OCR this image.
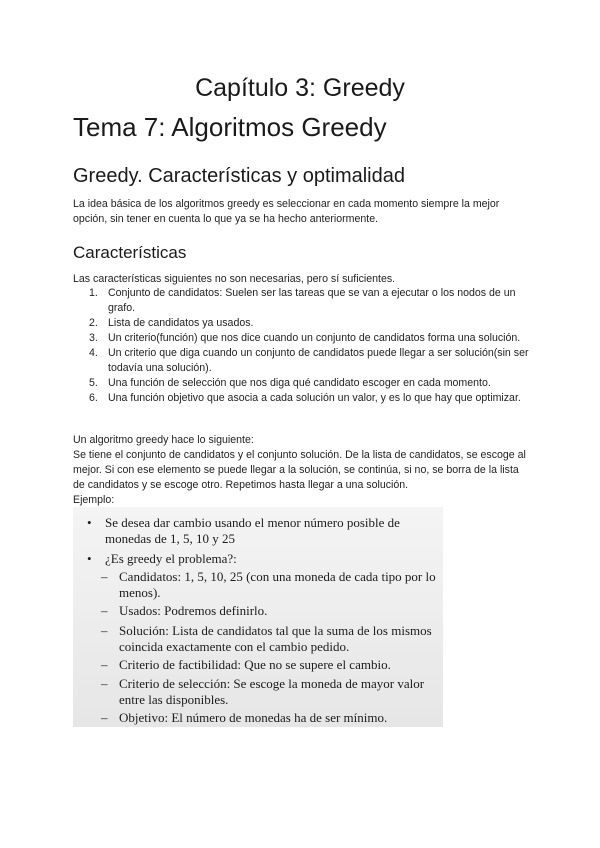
Capítulo 3: Greedy
Tema 7: Algoritmos Greedy
Greedy. Características y optimalidad
La idea básica de los algoritmos greedy es seleccionar en cada momento siempre la mejor opción, sin tener en cuenta lo que ya se ha hecho anteriormente.
Características
Las características siguientes no son necesarias, pero sí suficientes.
1. Conjunto de candidatos: Suelen ser las tareas que se van a ejecutar o los nodos de un grafo.
2. Lista de candidatos ya usados.
3. Un criterio(función) que nos dice cuando un conjunto de candidatos forma una solución.
4. Un criterio que diga cuando un conjunto de candidatos puede llegar a ser solución(sin ser todavía una solución).
5. Una función de selección que nos diga qué candidato escoger en cada momento.
6. Una función objetivo que asocia a cada solución un valor, y es lo que hay que optimizar.
Un algoritmo greedy hace lo siguiente:
Se tiene el conjunto de candidatos y el conjunto solución. De la lista de candidatos, se escoge al mejor. Si con ese elemento se puede llegar a la solución, se continúa, si no, se borra de la lista de candidatos y se escoge otro. Repetimos hasta llegar a una solución.
Ejemplo:
• Se desea dar cambio usando el menor número posible de
monedas de 1, 5, 10 y 25
• ¿Es greedy el problema?:
– Candidatos: 1, 5, 10, 25 (con una moneda de cada tipo por lo
menos).
– Usados: Podremos definirlo.
– Solución: Lista de candidatos tal que la suma de los mismos
coincida exactamente con el cambio pedido.
– Criterio de factibilidad: Que no se supere el cambio.
– Criterio de selección: Se escoge la moneda de mayor valor
entre las disponibles.
– Objetivo: El número de monedas ha de ser mínimo.
